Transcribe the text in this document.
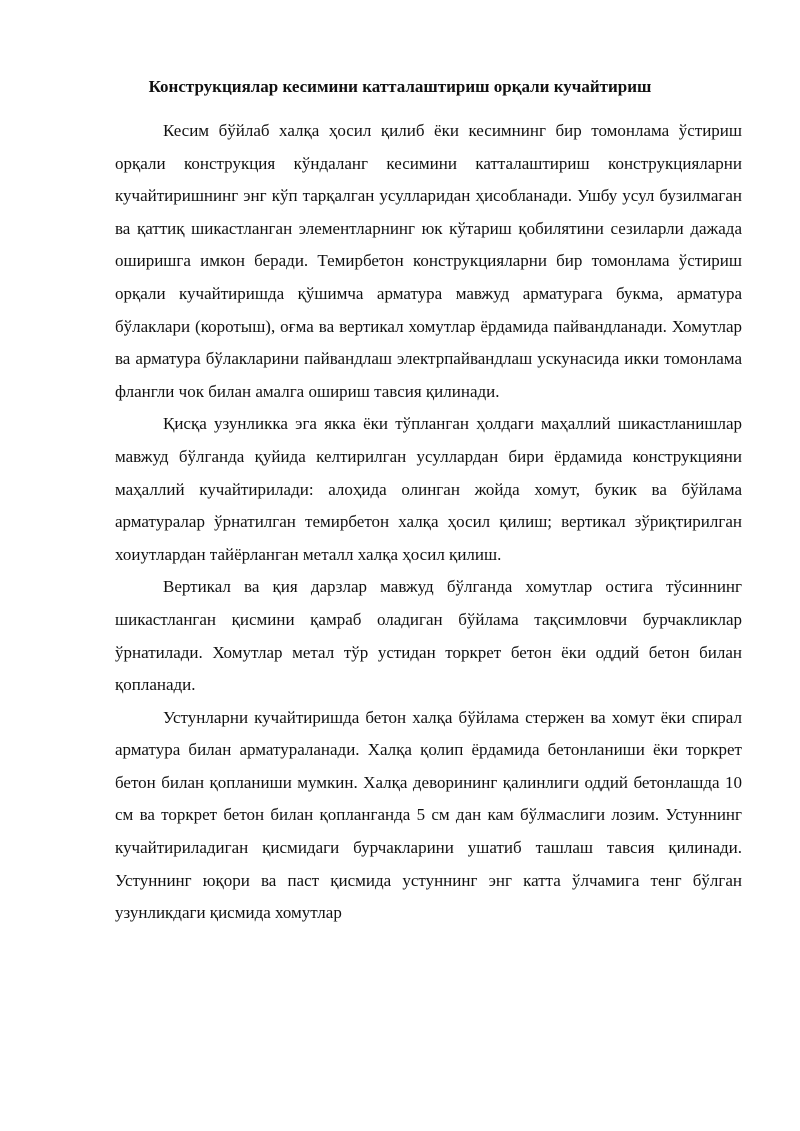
Конструкциялар кесимини катталаштириш орқали кучайтириш

Кесим бўйлаб халқа ҳосил қилиб ёки кесимнинг бир томонлама ўстириш орқали конструкция кўндаланг кесимини катталаштириш конструкцияларни кучайтиришнинг энг кўп тарқалган усулларидан ҳисобланади. Ушбу усул бузилмаган ва қаттиқ шикастланган элементларнинг юк кўтариш қобилятини сезиларли дажада оширишга имкон беради. Темирбетон конструкцияларни бир томонлама ўстириш орқали кучайтиришда қўшимча арматура мавжуд арматурага букма, арматура бўлаклари (коротыш), оғма ва вертикал хомутлар ёрдамида пайвандланади. Хомутлар ва арматура бўлакларини пайвандлаш электрпайвандлаш ускунасида икки томонлама флангли чок билан амалга ошириш тавсия қилинади.

Қисқа узунликка эга якка ёки тўпланган ҳолдаги маҳаллий шикастланишлар мавжуд бўлганда қуйида келтирилган усуллардан бири ёрдамида конструкцияни маҳаллий кучайтирилади: алоҳида олинган жойда хомут, букик ва бўйлама арматуралар ўрнатилган темирбетон халқа ҳосил қилиш; вертикал зўриқтирилган хоиутлардан тайёрланган металл халқа ҳосил қилиш.

Вертикал ва қия дарзлар мавжуд бўлганда хомутлар остига тўсиннинг шикастланган қисмини қамраб оладиган бўйлама тақсимловчи бурчакликлар ўрнатилади. Хомутлар метал тўр устидан торкрет бетон ёки оддий бетон билан қопланади.

Устунларни кучайтиришда бетон халқа бўйлама стержен ва хомут ёки спирал арматура билан арматураланади. Халқа қолип ёрдамида бетонланиши ёки торкрет бетон билан қопланиши мумкин. Халқа деворининг қалинлиги оддий бетонлашда 10 см ва торкрет бетон билан қопланганда 5 см дан кам бўлмаслиги лозим. Устуннинг кучайтириладиган қисмидаги бурчакларини ушатиб ташлаш тавсия қилинади. Устуннинг юқори ва паст қисмида устуннинг энг катта ўлчамига тенг бўлган узунликдаги қисмида хомутлар
